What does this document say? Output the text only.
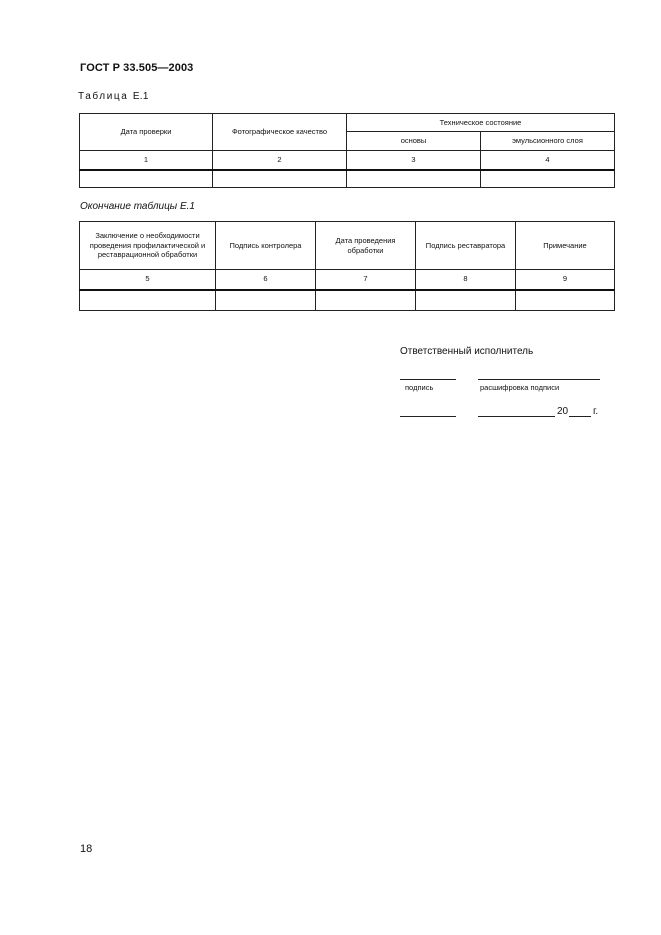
ГОСТ Р 33.505—2003
Таблица Е.1
Дата проверки	Фотографическое качество	Техническое состояние	
		основы	эмульсионного слоя
1	2	3	4

Окончание таблицы Е.1
Заключение о необходимости проведения профилактической и реставрационной обработки	Подпись контролера	Дата проведения обработки	Подпись реставратора	Примечание
5	6	7	8	9

Ответственный исполнитель
подпись	расшифровка подписи
20 г.
18
